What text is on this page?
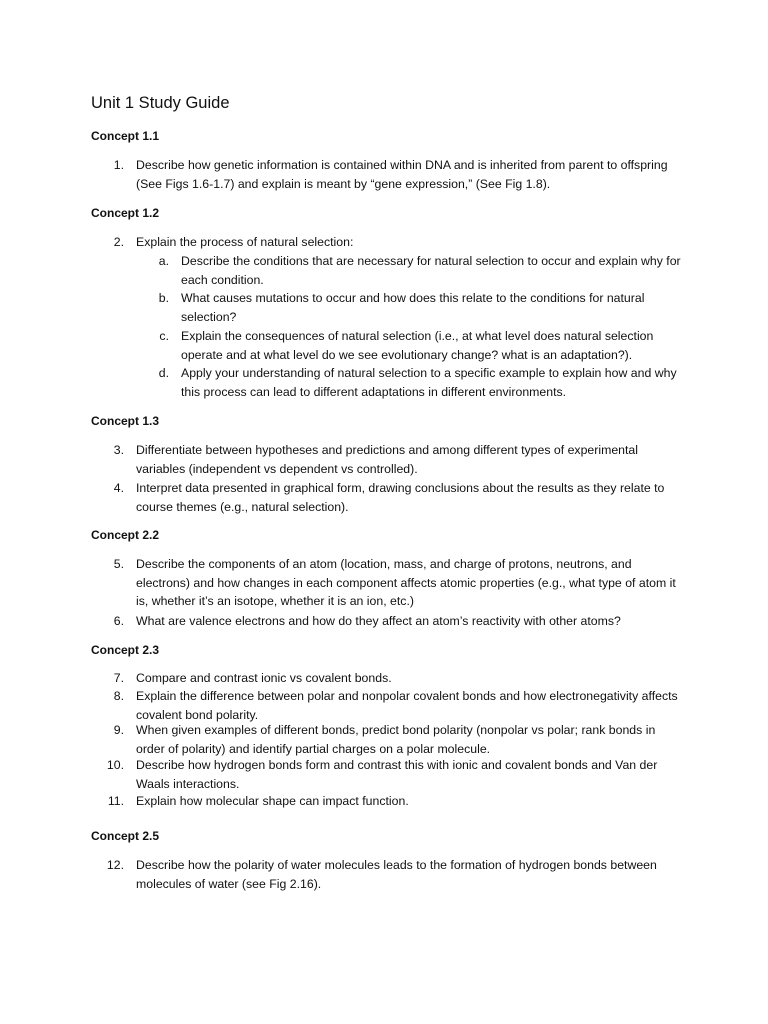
Unit 1 Study Guide
Concept 1.1
1. Describe how genetic information is contained within DNA and is inherited from parent to offspring (See Figs 1.6-1.7) and explain is meant by “gene expression,” (See Fig 1.8).
Concept 1.2
2. Explain the process of natural selection:
a. Describe the conditions that are necessary for natural selection to occur and explain why for each condition.
b. What causes mutations to occur and how does this relate to the conditions for natural selection?
c. Explain the consequences of natural selection (i.e., at what level does natural selection operate and at what level do we see evolutionary change? what is an adaptation?).
d. Apply your understanding of natural selection to a specific example to explain how and why this process can lead to different adaptations in different environments.
Concept 1.3
3. Differentiate between hypotheses and predictions and among different types of experimental variables (independent vs dependent vs controlled).
4. Interpret data presented in graphical form, drawing conclusions about the results as they relate to course themes (e.g., natural selection).
Concept 2.2
5. Describe the components of an atom (location, mass, and charge of protons, neutrons, and electrons) and how changes in each component affects atomic properties (e.g., what type of atom it is, whether it’s an isotope, whether it is an ion, etc.)
6. What are valence electrons and how do they affect an atom’s reactivity with other atoms?
Concept 2.3
7. Compare and contrast ionic vs covalent bonds.
8. Explain the difference between polar and nonpolar covalent bonds and how electronegativity affects covalent bond polarity.
9. When given examples of different bonds, predict bond polarity (nonpolar vs polar; rank bonds in order of polarity) and identify partial charges on a polar molecule.
10. Describe how hydrogen bonds form and contrast this with ionic and covalent bonds and Van der Waals interactions.
11. Explain how molecular shape can impact function.
Concept 2.5
12. Describe how the polarity of water molecules leads to the formation of hydrogen bonds between molecules of water (see Fig 2.16).
